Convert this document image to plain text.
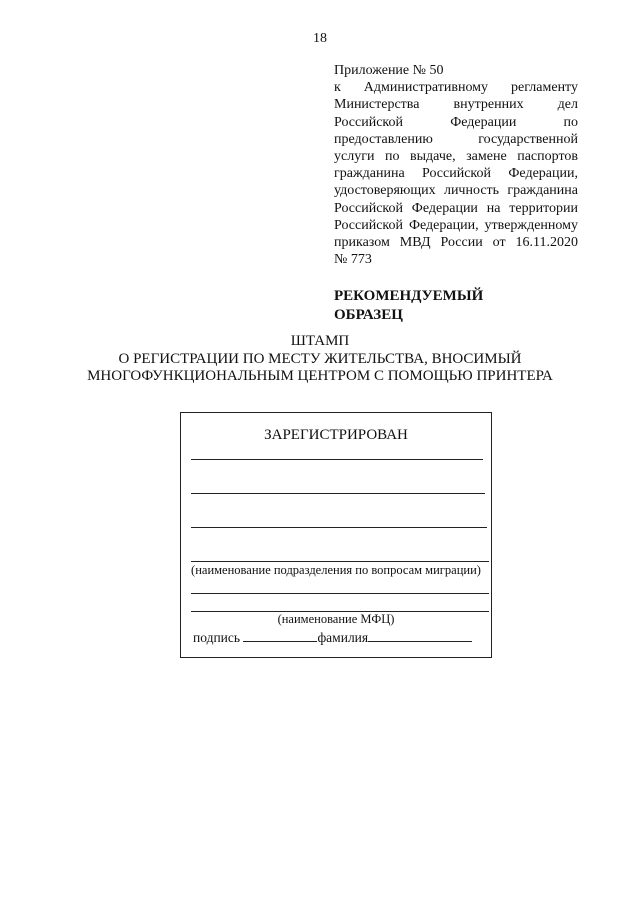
18
Приложение № 50
к Административному регламенту
Министерства внутренних дел
Российской Федерации по
предоставлению государственной
услуги по выдаче, замене паспортов
гражданина Российской Федерации,
удостоверяющих личность гражданина
Российской Федерации на территории
Российской Федерации, утвержденному
приказом МВД России от 16.11.2020
№ 773
РЕКОМЕНДУЕМЫЙ
ОБРАЗЕЦ
ШТАМП
О РЕГИСТРАЦИИ ПО МЕСТУ ЖИТЕЛЬСТВА, ВНОСИМЫЙ
МНОГОФУНКЦИОНАЛЬНЫМ ЦЕНТРОМ С ПОМОЩЬЮ ПРИНТЕРА
ЗАРЕГИСТРИРОВАН
(наименование подразделения по вопросам миграции)
(наименование МФЦ)
подпись	фамилия
